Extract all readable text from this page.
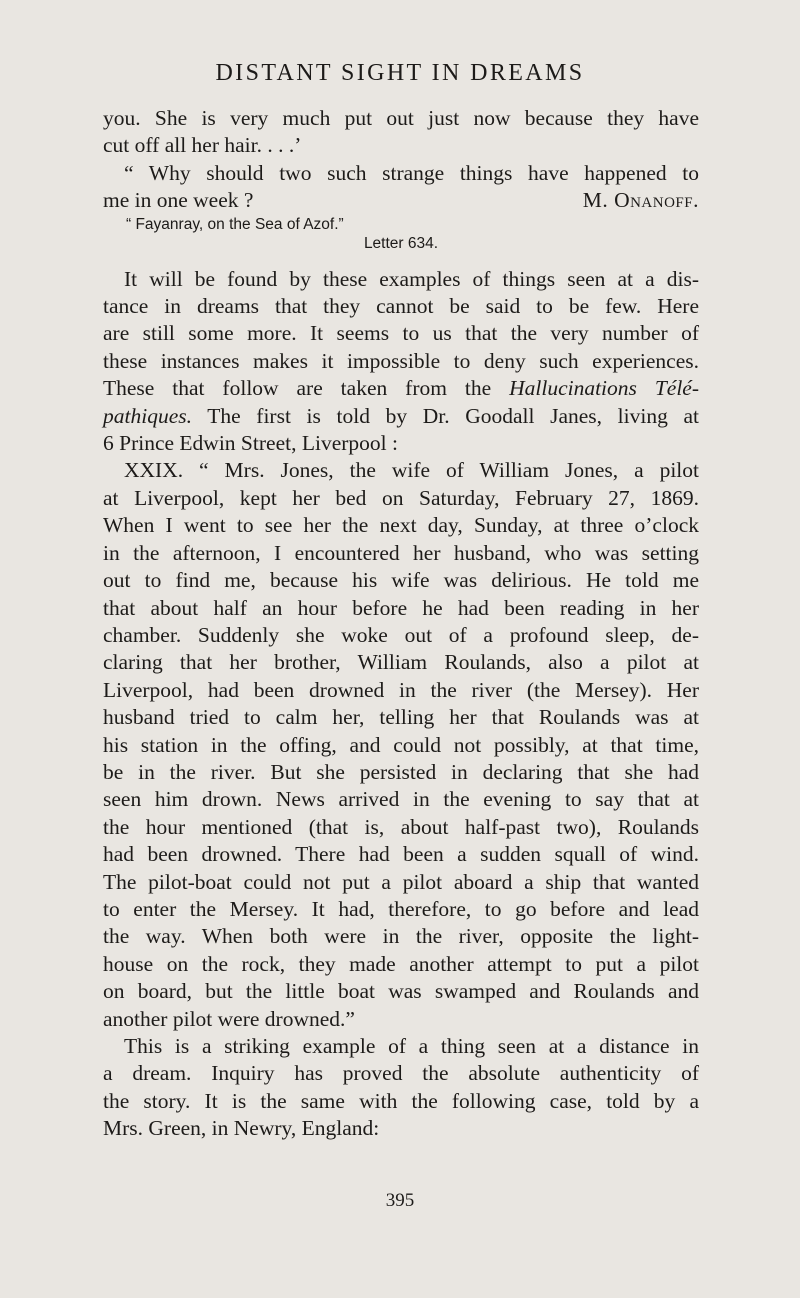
DISTANT SIGHT IN DREAMS
you. She is very much put out just now because they have
cut off all her hair. . . .’
“ Why should two such strange things have happened to
me in one week ?	M. Onanoff.
“ Fayanray, on the Sea of Azof.”
Letter 634.
It will be found by these examples of things seen at a dis-
tance in dreams that they cannot be said to be few. Here
are still some more. It seems to us that the very number of
these instances makes it impossible to deny such experiences.
These that follow are taken from the Hallucinations Télé-
pathiques. The first is told by Dr. Goodall Janes, living at
6 Prince Edwin Street, Liverpool :
XXIX. “ Mrs. Jones, the wife of William Jones, a pilot
at Liverpool, kept her bed on Saturday, February 27, 1869.
When I went to see her the next day, Sunday, at three o’clock
in the afternoon, I encountered her husband, who was setting
out to find me, because his wife was delirious. He told me
that about half an hour before he had been reading in her
chamber. Suddenly she woke out of a profound sleep, de-
claring that her brother, William Roulands, also a pilot at
Liverpool, had been drowned in the river (the Mersey). Her
husband tried to calm her, telling her that Roulands was at
his station in the offing, and could not possibly, at that time,
be in the river. But she persisted in declaring that she had
seen him drown. News arrived in the evening to say that at
the hour mentioned (that is, about half-past two), Roulands
had been drowned. There had been a sudden squall of wind.
The pilot-boat could not put a pilot aboard a ship that wanted
to enter the Mersey. It had, therefore, to go before and lead
the way. When both were in the river, opposite the light-
house on the rock, they made another attempt to put a pilot
on board, but the little boat was swamped and Roulands and
another pilot were drowned.”
This is a striking example of a thing seen at a distance in
a dream. Inquiry has proved the absolute authenticity of
the story. It is the same with the following case, told by a
Mrs. Green, in Newry, England:
395
